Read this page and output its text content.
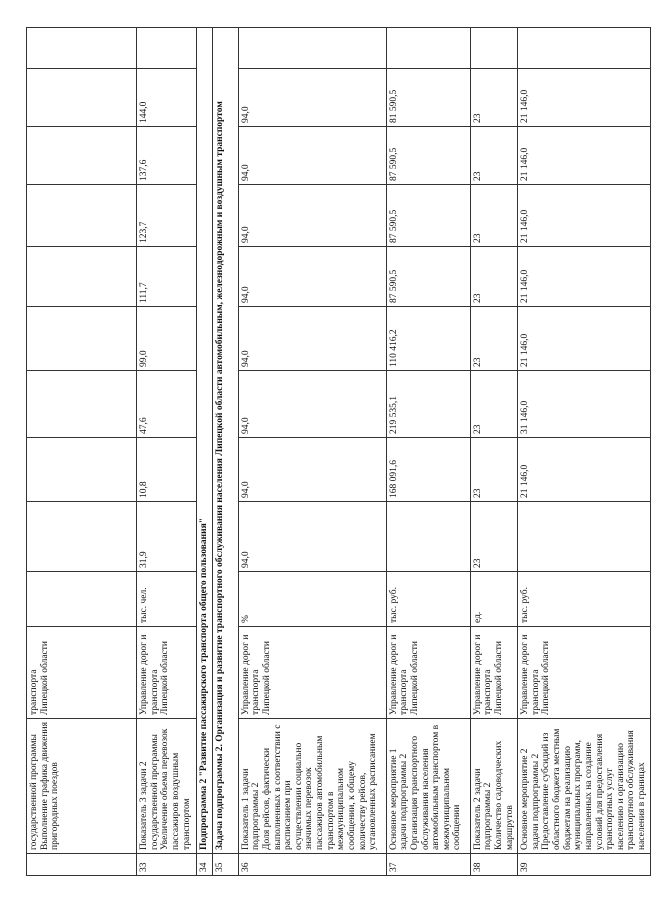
	государственной программы
Выполнение графика движения пригородных поездов	транспорта Липецкой области										
33	Показатель 3 задачи 2 государственной программы
Увеличение объема перевозок пассажиров воздушным транспортом	Управление дорог и транспорта Липецкой области	тыс. чел.	31,9	10,8	47,6	99,0	111,7	123,7	137,6	144,0	
34	Подпрограмма 2 "Развитие пассажирского транспорта общего пользования"											
35	Задача подпрограммы 2. Организация и развитие транспортного обслуживания населения Липецкой области автомобильным, железнодорожным и воздушным транспортом											
36	Показатель 1 задачи подпрограммы 2
Доля рейсов, фактически выполненных в соответствии с расписанием при осуществлении социально значимых перевозок пассажиров автомобильным транспортом в межмуниципальном сообщении, к общему количеству рейсов, установленных расписанием	Управление дорог и транспорта Липецкой области	%	94,0	94,0	94,0	94,0	94,0	94,0	94,0	94,0	
37	Основное мероприятие 1 задачи подпрограммы 2
Организация транспортного обслуживания населения автомобильным транспортом в межмуниципальном сообщении	Управление дорог и транспорта Липецкой области	тыс. руб.		168 091,6	219 535,1	110 416,2	87 590,5	87 590,5	87 590,5	81 590,5	
38	Показатель 2 задачи подпрограммы 2
Количество садоводческих маршрутов	Управление дорог и транспорта Липецкой области	ед.	23	23	23	23	23	23	23	23	
39	Основное мероприятие 2 задачи подпрограммы 2
Предоставление субсидий из областного бюджета местным бюджетам на реализацию муниципальных программ, направленных на создание условий для предоставления транспортных услуг населению и организацию транспортного обслуживания населения в границах	Управление дорог и транспорта Липецкой области	тыс. руб.		21 146,0	31 146,0	21 146,0	21 146,0	21 146,0	21 146,0	21 146,0	
